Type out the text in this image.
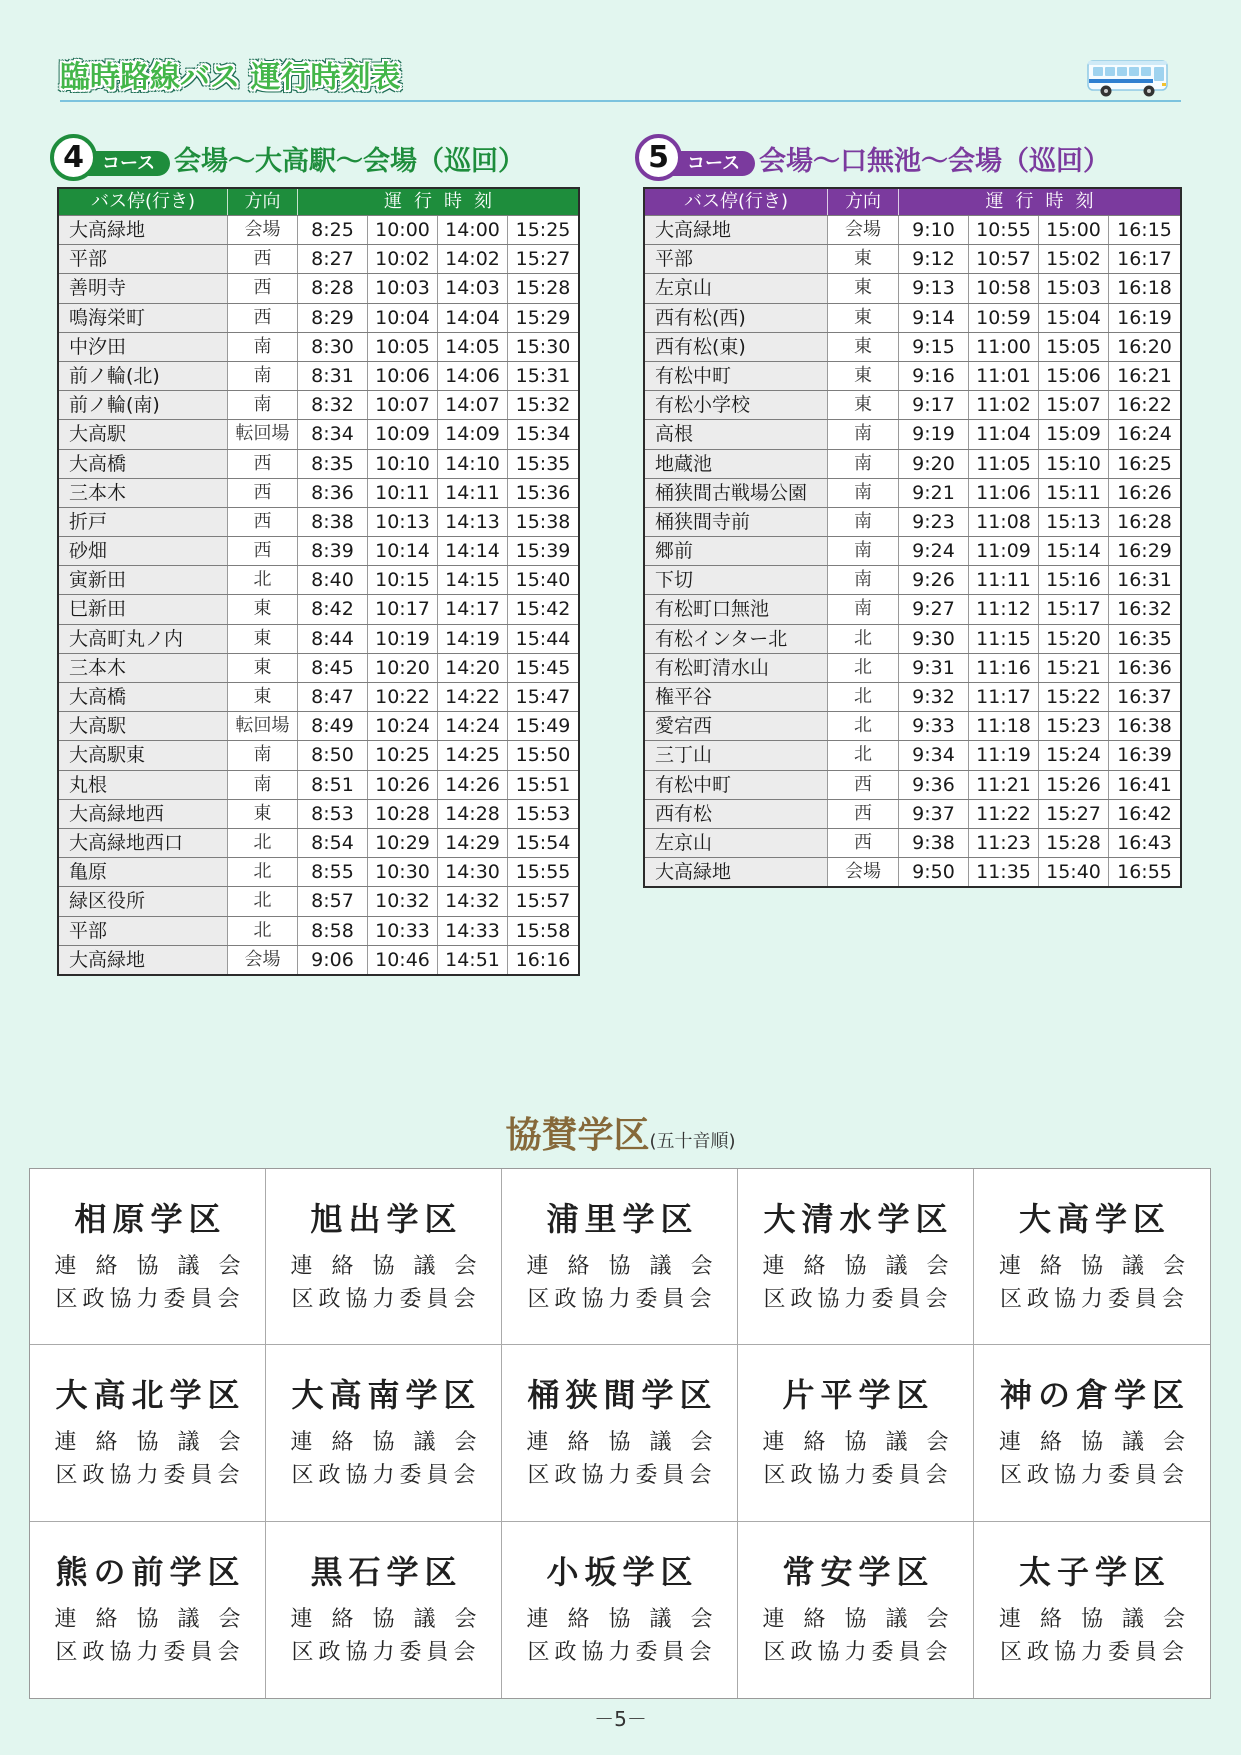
臨時路線バス 運行時刻表
コース
4	会場〜大高駅〜会場（巡回）
バス停(行き)	方向	運行時刻
大高緑地	会場	8:25	10:00 14:00 15:25
平部	西	8:27	10:02 14:02 15:27
善明寺	西	8:28	10:03 14:03 15:28
鳴海栄町	西	8:29	10:04 14:04 15:29
中汐田	南	8:30	10:05 14:05 15:30
前ノ輪(北)	南	8:31	10:06 14:06 15:31
前ノ輪(南)	南	8:32	10:07 14:07 15:32
大高駅	転回場	8:34	10:09 14:09 15:34
大高橋	西	8:35	10:10 14:10 15:35
三本木	西	8:36	10:11 14:11 15:36
折戸	西	8:38	10:13 14:13 15:38
砂畑	西	8:39	10:14 14:14 15:39
寅新田	北	8:40	10:15 14:15 15:40
巳新田	東	8:42	10:17 14:17 15:42
大高町丸ノ内	東	8:44	10:19 14:19 15:44
三本木	東	8:45	10:20 14:20 15:45
大高橋	東	8:47	10:22 14:22 15:47
大高駅	転回場	8:49	10:24 14:24 15:49
大高駅東	南	8:50	10:25 14:25 15:50
丸根	南	8:51	10:26 14:26 15:51
大高緑地西	東	8:53	10:28 14:28 15:53
大高緑地西口	北	8:54	10:29 14:29 15:54
亀原	北	8:55	10:30 14:30 15:55
緑区役所	北	8:57	10:32 14:32 15:57
平部	北	8:58	10:33 14:33 15:58
大高緑地	会場	9:06	10:46 14:51 16:16
コース
5	会場〜口無池〜会場（巡回）
バス停(行き)	方向	運行時刻
大高緑地	会場	9:10	10:55 15:00 16:15
平部	東	9:12	10:57 15:02 16:17
左京山	東	9:13	10:58 15:03 16:18
西有松(西)	東	9:14	10:59 15:04 16:19
西有松(東)	東	9:15	11:00 15:05 16:20
有松中町	東	9:16	11:01 15:06 16:21
有松小学校	東	9:17	11:02 15:07 16:22
高根	南	9:19	11:04 15:09 16:24
地蔵池	南	9:20	11:05 15:10 16:25
桶狭間古戦場公園	南	9:21	11:06 15:11 16:26
桶狭間寺前	南	9:23	11:08 15:13 16:28
郷前	南	9:24	11:09 15:14 16:29
下切	南	9:26	11:11 15:16 16:31
有松町口無池	南	9:27	11:12 15:17 16:32
有松インター北	北	9:30	11:15 15:20 16:35
有松町清水山	北	9:31	11:16 15:21 16:36
権平谷	北	9:32	11:17 15:22 16:37
愛宕西	北	9:33	11:18 15:23 16:38
三丁山	北	9:34	11:19 15:24 16:39
有松中町	西	9:36	11:21 15:26 16:41
西有松	西	9:37	11:22 15:27 16:42
左京山	西	9:38	11:23 15:28 16:43
大高緑地	会場	9:50	11:35 15:40 16:55
協賛学区(五十音順)
相原学区
連絡協議会
区政協力委員会
旭出学区
連絡協議会
区政協力委員会
浦里学区
連絡協議会
区政協力委員会
大清水学区
連絡協議会
区政協力委員会
大高学区
連絡協議会
区政協力委員会
大高北学区
連絡協議会
区政協力委員会
大高南学区
連絡協議会
区政協力委員会
桶狭間学区
連絡協議会
区政協力委員会
片平学区
連絡協議会
区政協力委員会
神の倉学区
連絡協議会
区政協力委員会
熊の前学区
連絡協議会
区政協力委員会
黒石学区
連絡協議会
区政協力委員会
小坂学区
連絡協議会
区政協力委員会
常安学区
連絡協議会
区政協力委員会
太子学区
連絡協議会
区政協力委員会
－5－
